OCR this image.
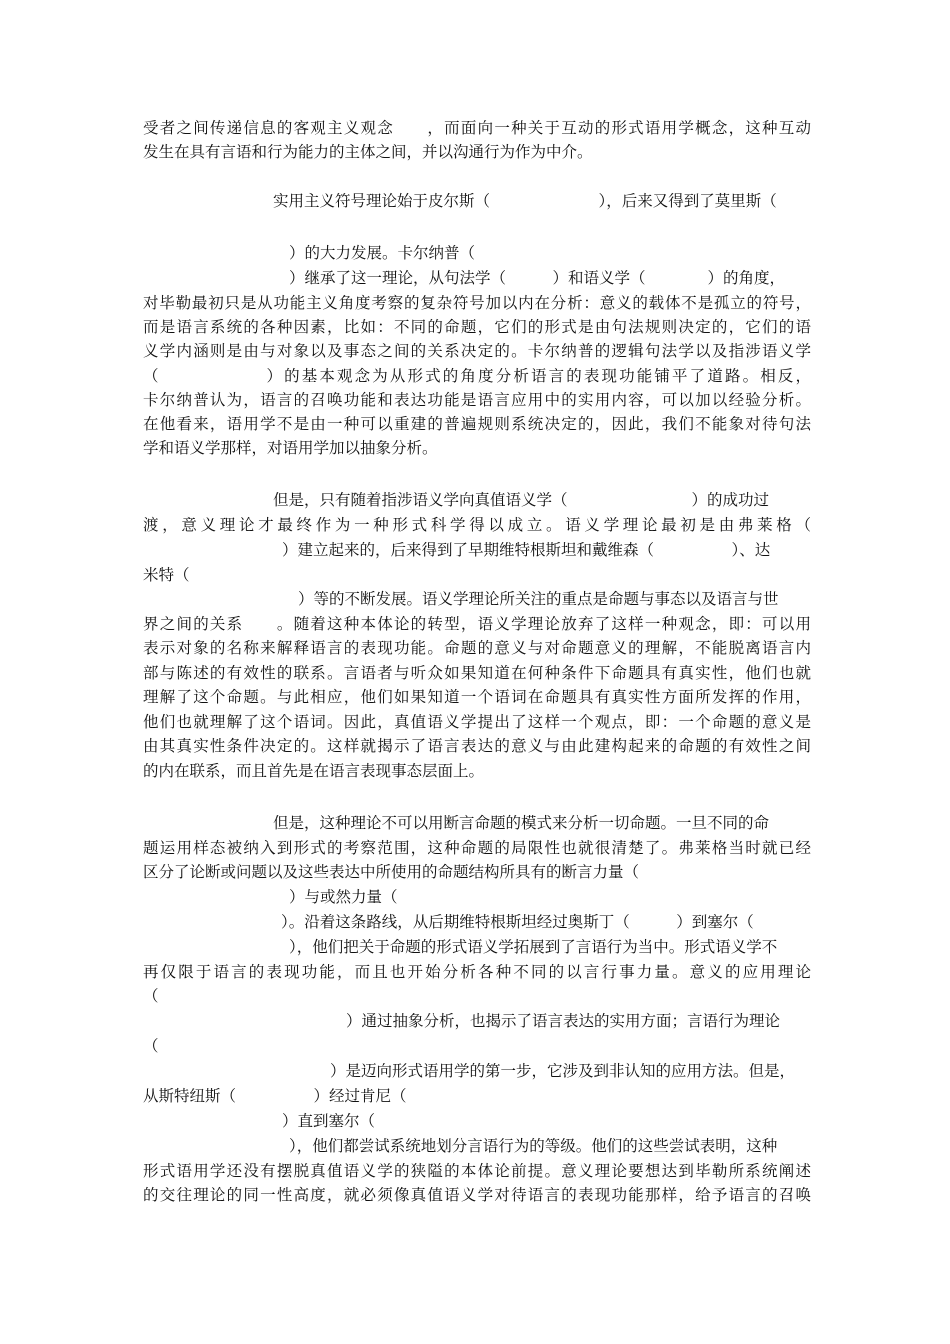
受者之间传递信息的客观主义观念　　，而面向一种关于互动的形式语用学概念，这种互动
发生在具有言语和行为能力的主体之间，并以沟通行为作为中介。
实用主义符号理论始于皮尔斯（　　　　　　　），后来又得到了莫里斯（
）的大力发展。卡尔纳普（
）继承了这一理论，从句法学（　　　）和语义学（　　　　）的角度，
对毕勒最初只是从功能主义角度考察的复杂符号加以内在分析：意义的载体不是孤立的符号，
而是语言系统的各种因素，比如：不同的命题，它们的形式是由句法规则决定的，它们的语
义学内涵则是由与对象以及事态之间的关系决定的。卡尔纳普的逻辑句法学以及指涉语义学
（　　　　　　）的基本观念为从形式的角度分析语言的表现功能铺平了道路。相反，
卡尔纳普认为，语言的召唤功能和表达功能是语言应用中的实用内容，可以加以经验分析。
在他看来，语用学不是由一种可以重建的普遍规则系统决定的，因此，我们不能象对待句法
学和语义学那样，对语用学加以抽象分析。
但是，只有随着指涉语义学向真值语义学（　　　　　　　　）的成功过
渡，意义理论才最终作为一种形式科学得以成立。语义学理论最初是由弗莱格（
）建立起来的，后来得到了早期维特根斯坦和戴维森（　　　　　）、达
米特（
）等的不断发展。语义学理论所关注的重点是命题与事态以及语言与世
界之间的关系　　。随着这种本体论的转型，语义学理论放弃了这样一种观念，即：可以用
表示对象的名称来解释语言的表现功能。命题的意义与对命题意义的理解，不能脱离语言内
部与陈述的有效性的联系。言语者与听众如果知道在何种条件下命题具有真实性，他们也就
理解了这个命题。与此相应，他们如果知道一个语词在命题具有真实性方面所发挥的作用，
他们也就理解了这个语词。因此，真值语义学提出了这样一个观点，即：一个命题的意义是
由其真实性条件决定的。这样就揭示了语言表达的意义与由此建构起来的命题的有效性之间
的内在联系，而且首先是在语言表现事态层面上。
但是，这种理论不可以用断言命题的模式来分析一切命题。一旦不同的命
题运用样态被纳入到形式的考察范围，这种命题的局限性也就很清楚了。弗莱格当时就已经
区分了论断或问题以及这些表达中所使用的命题结构所具有的断言力量（
）与或然力量（
）。沿着这条路线，从后期维特根斯坦经过奥斯丁（　　　）到塞尔（
），他们把关于命题的形式语义学拓展到了言语行为当中。形式语义学不
再仅限于语言的表现功能，而且也开始分析各种不同的以言行事力量。意义的应用理论
（
）通过抽象分析，也揭示了语言表达的实用方面；言语行为理论
（
）是迈向形式语用学的第一步，它涉及到非认知的应用方法。但是，
从斯特纽斯（　　　　　）经过肯尼（
）直到塞尔（
），他们都尝试系统地划分言语行为的等级。他们的这些尝试表明，这种
形式语用学还没有摆脱真值语义学的狭隘的本体论前提。意义理论要想达到毕勒所系统阐述
的交往理论的同一性高度，就必须像真值语义学对待语言的表现功能那样，给予语言的召唤
